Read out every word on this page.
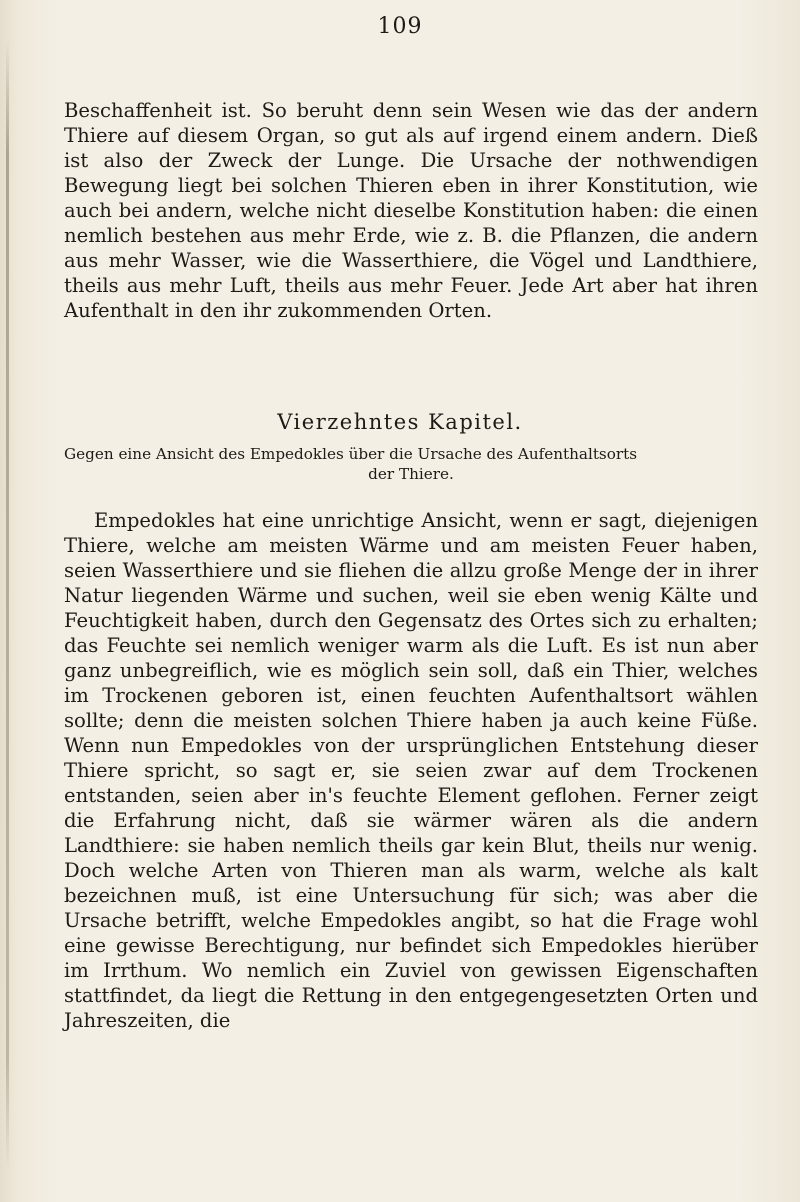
109

Beschaffenheit ist. So beruht denn sein Wesen wie das der andern Thiere auf diesem Organ, so gut als auf irgend einem andern. Dieß ist also der Zweck der Lunge. Die Ursache der nothwendigen Bewegung liegt bei solchen Thieren eben in ihrer Konstitution, wie auch bei andern, welche nicht dieselbe Konstitution haben: die einen nemlich bestehen aus mehr Erde, wie z. B. die Pflanzen, die andern aus mehr Wasser, wie die Wasserthiere, die Vögel und Landthiere, theils aus mehr Luft, theils aus mehr Feuer. Jede Art aber hat ihren Aufenthalt in den ihr zukommenden Orten.

Vierzehntes Kapitel.
Gegen eine Ansicht des Empedokles über die Ursache des Aufenthaltsorts
der Thiere.

Empedokles hat eine unrichtige Ansicht, wenn er sagt, diejenigen Thiere, welche am meisten Wärme und am meisten Feuer haben, seien Wasserthiere und sie fliehen die allzu große Menge der in ihrer Natur liegenden Wärme und suchen, weil sie eben wenig Kälte und Feuchtigkeit haben, durch den Gegensatz des Ortes sich zu erhalten; das Feuchte sei nemlich weniger warm als die Luft. Es ist nun aber ganz unbegreiflich, wie es möglich sein soll, daß ein Thier, welches im Trockenen geboren ist, einen feuchten Aufenthaltsort wählen sollte; denn die meisten solchen Thiere haben ja auch keine Füße. Wenn nun Empedokles von der ursprünglichen Entstehung dieser Thiere spricht, so sagt er, sie seien zwar auf dem Trockenen entstanden, seien aber in's feuchte Element geflohen. Ferner zeigt die Erfahrung nicht, daß sie wärmer wären als die andern Landthiere: sie haben nemlich theils gar kein Blut, theils nur wenig. Doch welche Arten von Thieren man als warm, welche als kalt bezeichnen muß, ist eine Untersuchung für sich; was aber die Ursache betrifft, welche Empedokles angibt, so hat die Frage wohl eine gewisse Berechtigung, nur befindet sich Empedokles hierüber im Irrthum. Wo nemlich ein Zuviel von gewissen Eigenschaften stattfindet, da liegt die Rettung in den entgegengesetzten Orten und Jahreszeiten, die
